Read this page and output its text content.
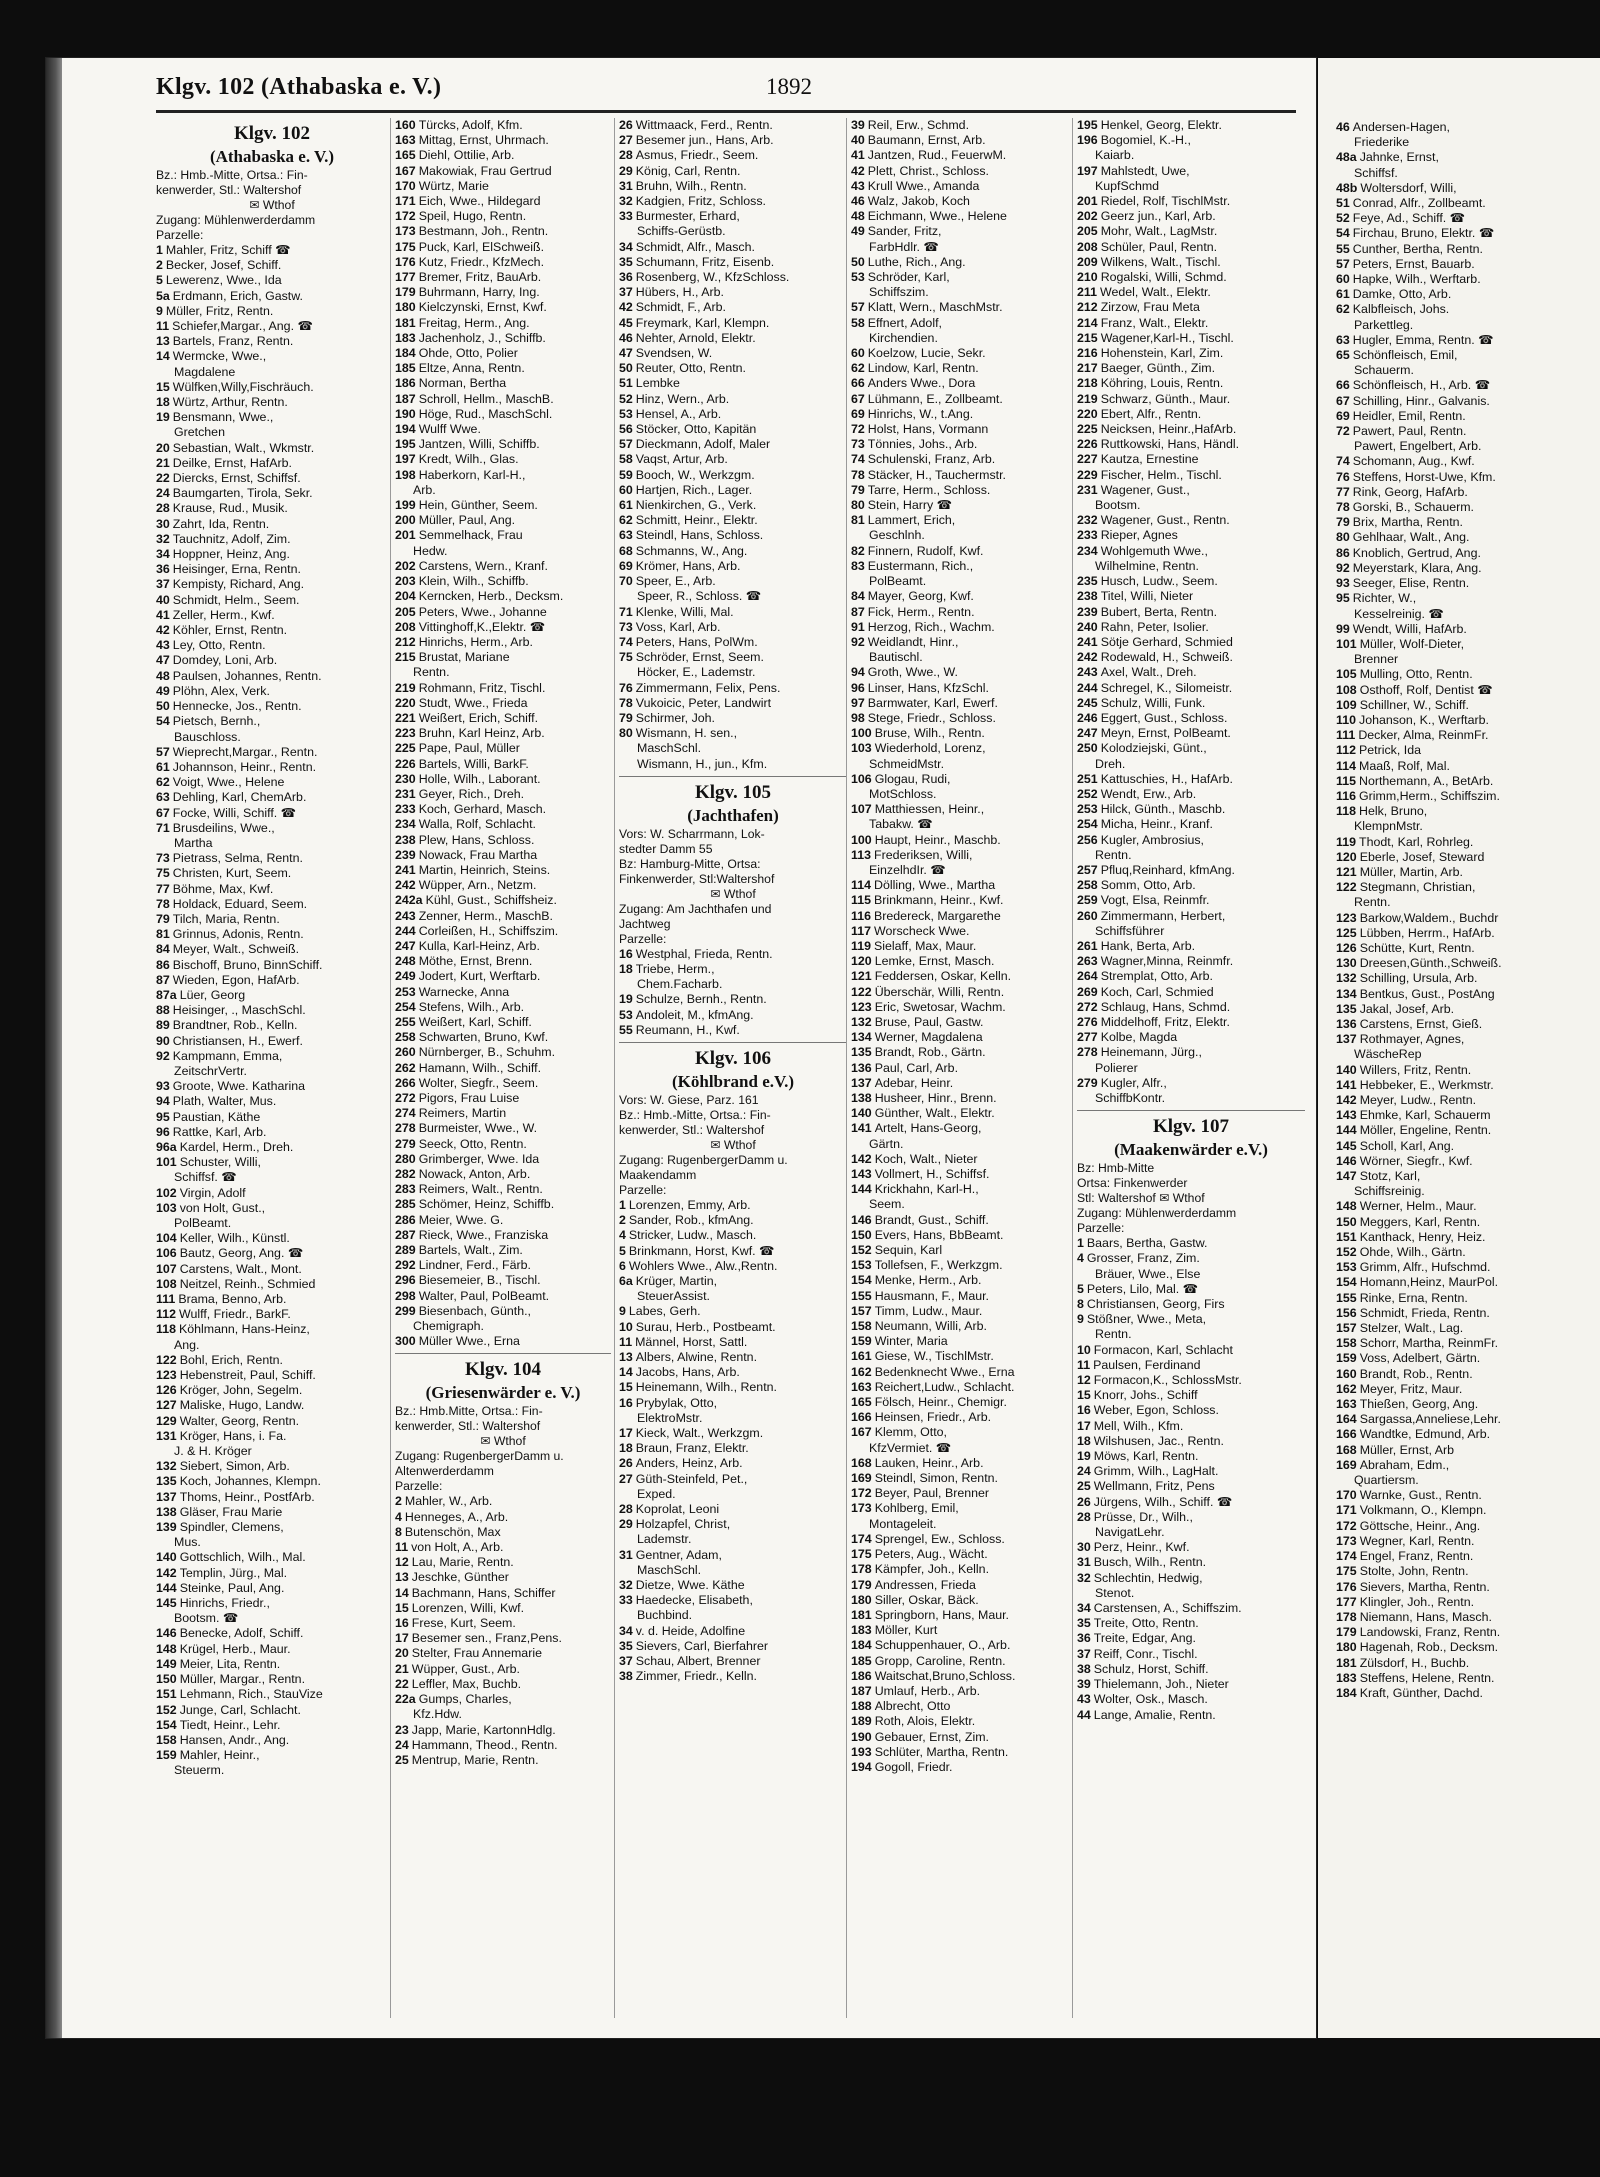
Klgv. 102 (Athabaska e. V.)	1892
Klgv. 102
(Athabaska e. V.)
Bz.: Hmb.-Mitte, Ortsa.: Fin-
kenwerder, Stl.: Waltershof
✉ Wthof
Zugang: Mühlenwerderdamm
Parzelle:
1 Mahler, Fritz, Schiff ☎
2 Becker, Josef, Schiff.
5 Lewerenz, Wwe., Ida
5a Erdmann, Erich, Gastw.
9 Müller, Fritz, Rentn.
11 Schiefer,Margar., Ang. ☎
13 Bartels, Franz, Rentn.
14 Wermcke, Wwe.,
Magdalene
15 Wülfken,Willy,Fischräuch.
18 Würtz, Arthur, Rentn.
19 Bensmann, Wwe.,
Gretchen
20 Sebastian, Walt., Wkmstr.
21 Deilke, Ernst, HafArb.
22 Diercks, Ernst, Schiffsf.
24 Baumgarten, Tirola, Sekr.
28 Krause, Rud., Musik.
30 Zahrt, Ida, Rentn.
32 Tauchnitz, Adolf, Zim.
34 Hoppner, Heinz, Ang.
36 Heisinger, Erna, Rentn.
37 Kempisty, Richard, Ang.
40 Schmidt, Helm., Seem.
41 Zeller, Herm., Kwf.
42 Köhler, Ernst, Rentn.
43 Ley, Otto, Rentn.
47 Domdey, Loni, Arb.
48 Paulsen, Johannes, Rentn.
49 Plöhn, Alex, Verk.
50 Hennecke, Jos., Rentn.
54 Pietsch, Bernh.,
Bauschloss.
57 Wieprecht,Margar., Rentn.
61 Johannson, Heinr., Rentn.
62 Voigt, Wwe., Helene
63 Dehling, Karl, ChemArb.
67 Focke, Willi, Schiff. ☎
71 Brusdeilins, Wwe.,
Martha
73 Pietrass, Selma, Rentn.
75 Christen, Kurt, Seem.
77 Böhme, Max, Kwf.
78 Holdack, Eduard, Seem.
79 Tilch, Maria, Rentn.
81 Grinnus, Adonis, Rentn.
84 Meyer, Walt., Schweiß.
86 Bischoff, Bruno, BinnSchiff.
87 Wieden, Egon, HafArb.
87a Lüer, Georg
88 Heisinger, ., MaschSchl.
89 Brandtner, Rob., Kelln.
90 Christiansen, H., Ewerf.
92 Kampmann, Emma,
ZeitschrVertr.
93 Groote, Wwe. Katharina
94 Plath, Walter, Mus.
95 Paustian, Käthe
96 Rattke, Karl, Arb.
96a Kardel, Herm., Dreh.
101 Schuster, Willi,
Schiffsf. ☎
102 Virgin, Adolf
103 von Holt, Gust.,
PolBeamt.
104 Keller, Wilh., Künstl.
106 Bautz, Georg, Ang. ☎
107 Carstens, Walt., Mont.
108 Neitzel, Reinh., Schmied
111 Brama, Benno, Arb.
112 Wulff, Friedr., BarkF.
118 Köhlmann, Hans-Heinz,
Ang.
122 Bohl, Erich, Rentn.
123 Hebenstreit, Paul, Schiff.
126 Kröger, John, Segelm.
127 Maliske, Hugo, Landw.
129 Walter, Georg, Rentn.
131 Kröger, Hans, i. Fa.
J. & H. Kröger
132 Siebert, Simon, Arb.
135 Koch, Johannes, Klempn.
137 Thoms, Heinr., PostfArb.
138 Gläser, Frau Marie
139 Spindler, Clemens,
Mus.
140 Gottschlich, Wilh., Mal.
142 Templin, Jürg., Mal.
144 Steinke, Paul, Ang.
145 Hinrichs, Friedr.,
Bootsm. ☎
146 Benecke, Adolf, Schiff.
148 Krügel, Herb., Maur.
149 Meier, Lita, Rentn.
150 Müller, Margar., Rentn.
151 Lehmann, Rich., StauVize
152 Junge, Carl, Schlacht.
154 Tiedt, Heinr., Lehr.
158 Hansen, Andr., Ang.
159 Mahler, Heinr.,
Steuerm.
160 Türcks, Adolf, Kfm.
163 Mittag, Ernst, Uhrmach.
165 Diehl, Ottilie, Arb.
167 Makowiak, Frau Gertrud
170 Würtz, Marie
171 Eich, Wwe., Hildegard
172 Speil, Hugo, Rentn.
173 Bestmann, Joh., Rentn.
175 Puck, Karl, ElSchweiß.
176 Kutz, Friedr., KfzMech.
177 Bremer, Fritz, BauArb.
179 Buhrmann, Harry, Ing.
180 Kielczynski, Ernst, Kwf.
181 Freitag, Herm., Ang.
183 Jachenholz, J., Schiffb.
184 Ohde, Otto, Polier
185 Eltze, Anna, Rentn.
186 Norman, Bertha
187 Schroll, Hellm., MaschB.
190 Höge, Rud., MaschSchl.
194 Wulff Wwe.
195 Jantzen, Willi, Schiffb.
197 Kredt, Wilh., Glas.
198 Haberkorn, Karl-H.,
Arb.
199 Hein, Günther, Seem.
200 Müller, Paul, Ang.
201 Semmelhack, Frau
Hedw.
202 Carstens, Wern., Kranf.
203 Klein, Wilh., Schiffb.
204 Kerncken, Herb., Decksm.
205 Peters, Wwe., Johanne
208 Vittinghoff,K.,Elektr. ☎
212 Hinrichs, Herm., Arb.
215 Brustat, Mariane
Rentn.
219 Rohmann, Fritz, Tischl.
220 Studt, Wwe., Frieda
221 Weißert, Erich, Schiff.
223 Bruhn, Karl Heinz, Arb.
225 Pape, Paul, Müller
226 Bartels, Willi, BarkF.
230 Holle, Wilh., Laborant.
231 Geyer, Rich., Dreh.
233 Koch, Gerhard, Masch.
234 Walla, Rolf, Schlacht.
238 Plew, Hans, Schloss.
239 Nowack, Frau Martha
241 Martin, Heinrich, Steins.
242 Wüpper, Arn., Netzm.
242a Kühl, Gust., Schiffsheiz.
243 Zenner, Herm., MaschB.
244 Corleißen, H., Schiffszim.
247 Kulla, Karl-Heinz, Arb.
248 Möthe, Ernst, Brenn.
249 Jodert, Kurt, Werftarb.
253 Warnecke, Anna
254 Stefens, Wilh., Arb.
255 Weißert, Karl, Schiff.
258 Schwarten, Bruno, Kwf.
260 Nürnberger, B., Schuhm.
262 Hamann, Wilh., Schiff.
266 Wolter, Siegfr., Seem.
272 Pigors, Frau Luise
274 Reimers, Martin
278 Burmeister, Wwe., W.
279 Seeck, Otto, Rentn.
280 Grimberger, Wwe. Ida
282 Nowack, Anton, Arb.
283 Reimers, Walt., Rentn.
285 Schömer, Heinz, Schiffb.
286 Meier, Wwe. G.
287 Rieck, Wwe., Franziska
289 Bartels, Walt., Zim.
292 Lindner, Ferd., Färb.
296 Biesemeier, B., Tischl.
298 Walter, Paul, PolBeamt.
299 Biesenbach, Günth.,
Chemigraph.
300 Müller Wwe., Erna
Klgv. 104
(Griesenwärder e. V.)
Bz.: Hmb.Mitte, Ortsa.: Fin-
kenwerder, Stl.: Waltershof
✉ Wthof
Zugang: RugenbergerDamm u.
Altenwerderdamm
Parzelle:
2 Mahler, W., Arb.
4 Henneges, A., Arb.
8 Butenschön, Max
11 von Holt, A., Arb.
12 Lau, Marie, Rentn.
13 Jeschke, Günther
14 Bachmann, Hans, Schiffer
15 Lorenzen, Willi, Kwf.
16 Frese, Kurt, Seem.
17 Besemer sen., Franz,Pens.
20 Stelter, Frau Annemarie
21 Wüpper, Gust., Arb.
22 Leffler, Max, Buchb.
22a Gumps, Charles,
Kfz.Hdw.
23 Japp, Marie, KartonnHdlg.
24 Hammann, Theod., Rentn.
25 Mentrup, Marie, Rentn.
26 Wittmaack, Ferd., Rentn.
27 Besemer jun., Hans, Arb.
28 Asmus, Friedr., Seem.
29 König, Carl, Rentn.
31 Bruhn, Wilh., Rentn.
32 Kadgien, Fritz, Schloss.
33 Burmester, Erhard,
Schiffs-Gerüstb.
34 Schmidt, Alfr., Masch.
35 Schumann, Fritz, Eisenb.
36 Rosenberg, W., KfzSchloss.
37 Hübers, H., Arb.
42 Schmidt, F., Arb.
45 Freymark, Karl, Klempn.
46 Nehter, Arnold, Elektr.
47 Svendsen, W.
50 Reuter, Otto, Rentn.
51 Lembke
52 Hinz, Wern., Arb.
53 Hensel, A., Arb.
56 Stöcker, Otto, Kapitän
57 Dieckmann, Adolf, Maler
58 Vaqst, Artur, Arb.
59 Booch, W., Werkzgm.
60 Hartjen, Rich., Lager.
61 Nienkirchen, G., Verk.
62 Schmitt, Heinr., Elektr.
63 Steindl, Hans, Schloss.
68 Schmanns, W., Ang.
69 Krömer, Hans, Arb.
70 Speer, E., Arb.
Speer, R., Schloss. ☎
71 Klenke, Willi, Mal.
73 Voss, Karl, Arb.
74 Peters, Hans, PolWm.
75 Schröder, Ernst, Seem.
Höcker, E., Lademstr.
76 Zimmermann, Felix, Pens.
78 Vukoicic, Peter, Landwirt
79 Schirmer, Joh.
80 Wismann, H. sen.,
MaschSchl.
Wismann, H., jun., Kfm.
Klgv. 105
(Jachthafen)
Vors: W. Scharrmann, Lok-
stedter Damm 55
Bz: Hamburg-Mitte, Ortsa:
Finkenwerder, Stl:Waltershof
✉ Wthof
Zugang: Am Jachthafen und
Jachtweg
Parzelle:
16 Westphal, Frieda, Rentn.
18 Triebe, Herm.,
Chem.Facharb.
19 Schulze, Bernh., Rentn.
53 Andoleit, M., kfmAng.
55 Reumann, H., Kwf.
Klgv. 106
(Köhlbrand e.V.)
Vors: W. Giese, Parz. 161
Bz.: Hmb.-Mitte, Ortsa.: Fin-
kenwerder, Stl.: Waltershof
✉ Wthof
Zugang: RugenbergerDamm u.
Maakendamm
Parzelle:
1 Lorenzen, Emmy, Arb.
2 Sander, Rob., kfmAng.
4 Stricker, Ludw., Masch.
5 Brinkmann, Horst, Kwf. ☎
6 Wohlers Wwe., Alw.,Rentn.
6a Krüger, Martin,
SteuerAssist.
9 Labes, Gerh.
10 Surau, Herb., Postbeamt.
11 Männel, Horst, Sattl.
13 Albers, Alwine, Rentn.
14 Jacobs, Hans, Arb.
15 Heinemann, Wilh., Rentn.
16 Prybylak, Otto,
ElektroMstr.
17 Kieck, Walt., Werkzgm.
18 Braun, Franz, Elektr.
26 Anders, Heinz, Arb.
27 Güth-Steinfeld, Pet.,
Exped.
28 Koprolat, Leoni
29 Holzapfel, Christ,
Lademstr.
31 Gentner, Adam,
MaschSchl.
32 Dietze, Wwe. Käthe
33 Haedecke, Elisabeth,
Buchbind.
34 v. d. Heide, Adolfine
35 Sievers, Carl, Bierfahrer
37 Schau, Albert, Brenner
38 Zimmer, Friedr., Kelln.
39 Reil, Erw., Schmd.
40 Baumann, Ernst, Arb.
41 Jantzen, Rud., FeuerwM.
42 Plett, Christ., Schloss.
43 Krull Wwe., Amanda
46 Walz, Jakob, Koch
48 Eichmann, Wwe., Helene
49 Sander, Fritz,
FarbHdlr. ☎
50 Luthe, Rich., Ang.
53 Schröder, Karl,
Schiffszim.
57 Klatt, Wern., MaschMstr.
58 Effnert, Adolf,
Kirchendien.
60 Koelzow, Lucie, Sekr.
62 Lindow, Karl, Rentn.
66 Anders Wwe., Dora
67 Lühmann, E., Zollbeamt.
69 Hinrichs, W., t.Ang.
72 Holst, Hans, Vormann
73 Tönnies, Johs., Arb.
74 Schulenski, Franz, Arb.
78 Stäcker, H., Tauchermstr.
79 Tarre, Herm., Schloss.
80 Stein, Harry ☎
81 Lammert, Erich,
Geschlnh.
82 Finnern, Rudolf, Kwf.
83 Eustermann, Rich.,
PolBeamt.
84 Mayer, Georg, Kwf.
87 Fick, Herm., Rentn.
91 Herzog, Rich., Wachm.
92 Weidlandt, Hinr.,
Bautischl.
94 Groth, Wwe., W.
96 Linser, Hans, KfzSchl.
97 Barmwater, Karl, Ewerf.
98 Stege, Friedr., Schloss.
100 Bruse, Wilh., Rentn.
103 Wiederhold, Lorenz,
SchmeidMstr.
106 Glogau, Rudi,
MotSchloss.
107 Matthiessen, Heinr.,
Tabakw. ☎
100 Haupt, Heinr., Maschb.
113 Frederiksen, Willi,
EinzelhdIr. ☎
114 Dölling, Wwe., Martha
115 Brinkmann, Heinr., Kwf.
116 Bredereck, Margarethe
117 Worscheck Wwe.
119 Sielaff, Max, Maur.
120 Lemke, Ernst, Masch.
121 Feddersen, Oskar, Kelln.
122 Überschär, Willi, Rentn.
123 Eric, Swetosar, Wachm.
132 Bruse, Paul, Gastw.
134 Werner, Magdalena
135 Brandt, Rob., Gärtn.
136 Paul, Carl, Arb.
137 Adebar, Heinr.
138 Husheer, Hinr., Brenn.
140 Günther, Walt., Elektr.
141 Artelt, Hans-Georg,
Gärtn.
142 Koch, Walt., Nieter
143 Vollmert, H., Schiffsf.
144 Krickhahn, Karl-H.,
Seem.
146 Brandt, Gust., Schiff.
150 Evers, Hans, BbBeamt.
152 Sequin, Karl
153 Tollefsen, F., Werkzgm.
154 Menke, Herm., Arb.
155 Hausmann, F., Maur.
157 Timm, Ludw., Maur.
158 Neumann, Willi, Arb.
159 Winter, Maria
161 Giese, W., TischlMstr.
162 Bedenknecht Wwe., Erna
163 Reichert,Ludw., Schlacht.
165 Fölsch, Heinr., Chemigr.
166 Heinsen, Friedr., Arb.
167 Klemm, Otto,
KfzVermiet. ☎
168 Lauken, Heinr., Arb.
169 Steindl, Simon, Rentn.
172 Beyer, Paul, Brenner
173 Kohlberg, Emil,
Montageleit.
174 Sprengel, Ew., Schloss.
175 Peters, Aug., Wächt.
178 Kämpfer, Joh., Kelln.
179 Andressen, Frieda
180 Siller, Oskar, Bäck.
181 Springborn, Hans, Maur.
183 Möller, Kurt
184 Schuppenhauer, O., Arb.
185 Gropp, Caroline, Rentn.
186 Waitschat,Bruno,Schloss.
187 Umlauf, Herb., Arb.
188 Albrecht, Otto
189 Roth, Alois, Elektr.
190 Gebauer, Ernst, Zim.
193 Schlüter, Martha, Rentn.
194 Gogoll, Friedr.
195 Henkel, Georg, Elektr.
196 Bogomiel, K.-H.,
Kaiarb.
197 Mahlstedt, Uwe,
KupfSchmd
201 Riedel, Rolf, TischlMstr.
202 Geerz jun., Karl, Arb.
205 Mohr, Walt., LagMstr.
208 Schüler, Paul, Rentn.
209 Wilkens, Walt., Tischl.
210 Rogalski, Willi, Schmd.
211 Wedel, Walt., Elektr.
212 Zirzow, Frau Meta
214 Franz, Walt., Elektr.
215 Wagener,Karl-H., Tischl.
216 Hohenstein, Karl, Zim.
217 Baeger, Günth., Zim.
218 Köhring, Louis, Rentn.
219 Schwarz, Günth., Maur.
220 Ebert, Alfr., Rentn.
225 Neicksen, Heinr.,HafArb.
226 Ruttkowski, Hans, Händl.
227 Kautza, Ernestine
229 Fischer, Helm., Tischl.
231 Wagener, Gust.,
Bootsm.
232 Wagener, Gust., Rentn.
233 Rieper, Agnes
234 Wohlgemuth Wwe.,
Wilhelmine, Rentn.
235 Husch, Ludw., Seem.
238 Titel, Willi, Nieter
239 Bubert, Berta, Rentn.
240 Rahn, Peter, Isolier.
241 Sötje Gerhard, Schmied
242 Rodewald, H., Schweiß.
243 Axel, Walt., Dreh.
244 Schregel, K., Silomeistr.
245 Schulz, Willi, Funk.
246 Eggert, Gust., Schloss.
247 Meyn, Ernst, PolBeamt.
250 Kolodziejski, Günt.,
Dreh.
251 Kattuschies, H., HafArb.
252 Wendt, Erw., Arb.
253 Hilck, Günth., Maschb.
254 Micha, Heinr., Kranf.
256 Kugler, Ambrosius,
Rentn.
257 Pfluq,Reinhard, kfmAng.
258 Somm, Otto, Arb.
259 Vogt, Elsa, Reinmfr.
260 Zimmermann, Herbert,
Schiffsführer
261 Hank, Berta, Arb.
263 Wagner,Minna, Reinmfr.
264 Stremplat, Otto, Arb.
269 Koch, Carl, Schmied
272 Schlaug, Hans, Schmd.
276 Middelhoff, Fritz, Elektr.
277 Kolbe, Magda
278 Heinemann, Jürg.,
Polierer
279 Kugler, Alfr.,
SchiffbKontr.
Klgv. 107
(Maakenwärder e.V.)
Bz: Hmb-Mitte
Ortsa: Finkenwerder
Stl: Waltershof ✉ Wthof
Zugang: Mühlenwerderdamm
Parzelle:
1 Baars, Bertha, Gastw.
4 Grosser, Franz, Zim.
Bräuer, Wwe., Else
5 Peters, Lilo, Mal. ☎
8 Christiansen, Georg, Firs
9 Stößner, Wwe., Meta,
Rentn.
10 Formacon, Karl, Schlacht
11 Paulsen, Ferdinand
12 Formacon,K., SchlossMstr.
15 Knorr, Johs., Schiff
16 Weber, Egon, Schloss.
17 Mell, Wilh., Kfm.
18 Wilshusen, Jac., Rentn.
19 Möws, Karl, Rentn.
24 Grimm, Wilh., LagHalt.
25 Wellmann, Fritz, Pens
26 Jürgens, Wilh., Schiff. ☎
28 Prüsse, Dr., Wilh.,
NavigatLehr.
30 Perz, Heinr., Kwf.
31 Busch, Wilh., Rentn.
32 Schlechtin, Hedwig,
Stenot.
34 Carstensen, A., Schiffszim.
35 Treite, Otto, Rentn.
36 Treite, Edgar, Ang.
37 Reiff, Conr., Tischl.
38 Schulz, Horst, Schiff.
39 Thielemann, Joh., Nieter
43 Wolter, Osk., Masch.
44 Lange, Amalie, Rentn.
46 Andersen-Hagen,
Friederike
48a Jahnke, Ernst,
Schiffsf.
48b Woltersdorf, Willi,
51 Conrad, Alfr., Zollbeamt.
52 Feye, Ad., Schiff. ☎
54 Firchau, Bruno, Elektr. ☎
55 Cunther, Bertha, Rentn.
57 Peters, Ernst, Bauarb.
60 Hapke, Wilh., Werftarb.
61 Damke, Otto, Arb.
62 Kalbfleisch, Johs.
Parkettleg.
63 Hugler, Emma, Rentn. ☎
65 Schönfleisch, Emil,
Schauerm.
66 Schönfleisch, H., Arb. ☎
67 Schilling, Hinr., Galvanis.
69 Heidler, Emil, Rentn.
72 Pawert, Paul, Rentn.
Pawert, Engelbert, Arb.
74 Schomann, Aug., Kwf.
76 Steffens, Horst-Uwe, Kfm.
77 Rink, Georg, HafArb.
78 Gorski, B., Schauerm.
79 Brix, Martha, Rentn.
80 Gehlhaar, Walt., Ang.
86 Knoblich, Gertrud, Ang.
92 Meyerstark, Klara, Ang.
93 Seeger, Elise, Rentn.
95 Richter, W.,
Kesselreinig. ☎
99 Wendt, Willi, HafArb.
101 Müller, Wolf-Dieter,
Brenner
105 Mulling, Otto, Rentn.
108 Osthoff, Rolf, Dentist ☎
109 Schillner, W., Schiff.
110 Johanson, K., Werftarb.
111 Decker, Alma, ReinmFr.
112 Petrick, Ida
114 Maaß, Rolf, Mal.
115 Northemann, A., BetArb.
116 Grimm,Herm., Schiffszim.
118 Helk, Bruno,
KlempnMstr.
119 Thodt, Karl, Rohrleg.
120 Eberle, Josef, Steward
121 Müller, Martin, Arb.
122 Stegmann, Christian,
Rentn.
123 Barkow,Waldem., Buchdr
125 Lübben, Herrm., HafArb.
126 Schütte, Kurt, Rentn.
130 Dreesen,Günth.,Schweiß.
132 Schilling, Ursula, Arb.
134 Bentkus, Gust., PostAng
135 Jakal, Josef, Arb.
136 Carstens, Ernst, Gieß.
137 Rothmayer, Agnes,
WäscheRep
140 Willers, Fritz, Rentn.
141 Hebbeker, E., Werkmstr.
142 Meyer, Ludw., Rentn.
143 Ehmke, Karl, Schauerm
144 Möller, Engeline, Rentn.
145 Scholl, Karl, Ang.
146 Wörner, Siegfr., Kwf.
147 Stotz, Karl,
Schiffsreinig.
148 Werner, Helm., Maur.
150 Meggers, Karl, Rentn.
151 Kanthack, Henry, Heiz.
152 Ohde, Wilh., Gärtn.
153 Grimm, Alfr., Hufschmd.
154 Homann,Heinz, MaurPol.
155 Rinke, Erna, Rentn.
156 Schmidt, Frieda, Rentn.
157 Stelzer, Walt., Lag.
158 Schorr, Martha, ReinmFr.
159 Voss, Adelbert, Gärtn.
160 Brandt, Rob., Rentn.
162 Meyer, Fritz, Maur.
163 Thießen, Georg, Ang.
164 Sargassa,Anneliese,Lehr.
166 Wandtke, Edmund, Arb.
168 Müller, Ernst, Arb
169 Abraham, Edm.,
Quartiersm.
170 Warnke, Gust., Rentn.
171 Volkmann, O., Klempn.
172 Göttsche, Heinr., Ang.
173 Wegner, Karl, Rentn.
174 Engel, Franz, Rentn.
175 Stolte, John, Rentn.
176 Sievers, Martha, Rentn.
177 Klingler, Joh., Rentn.
178 Niemann, Hans, Masch.
179 Landowski, Franz, Rentn.
180 Hagenah, Rob., Decksm.
181 Zülsdorf, H., Buchb.
183 Steffens, Helene, Rentn.
184 Kraft, Günther, Dachd.
